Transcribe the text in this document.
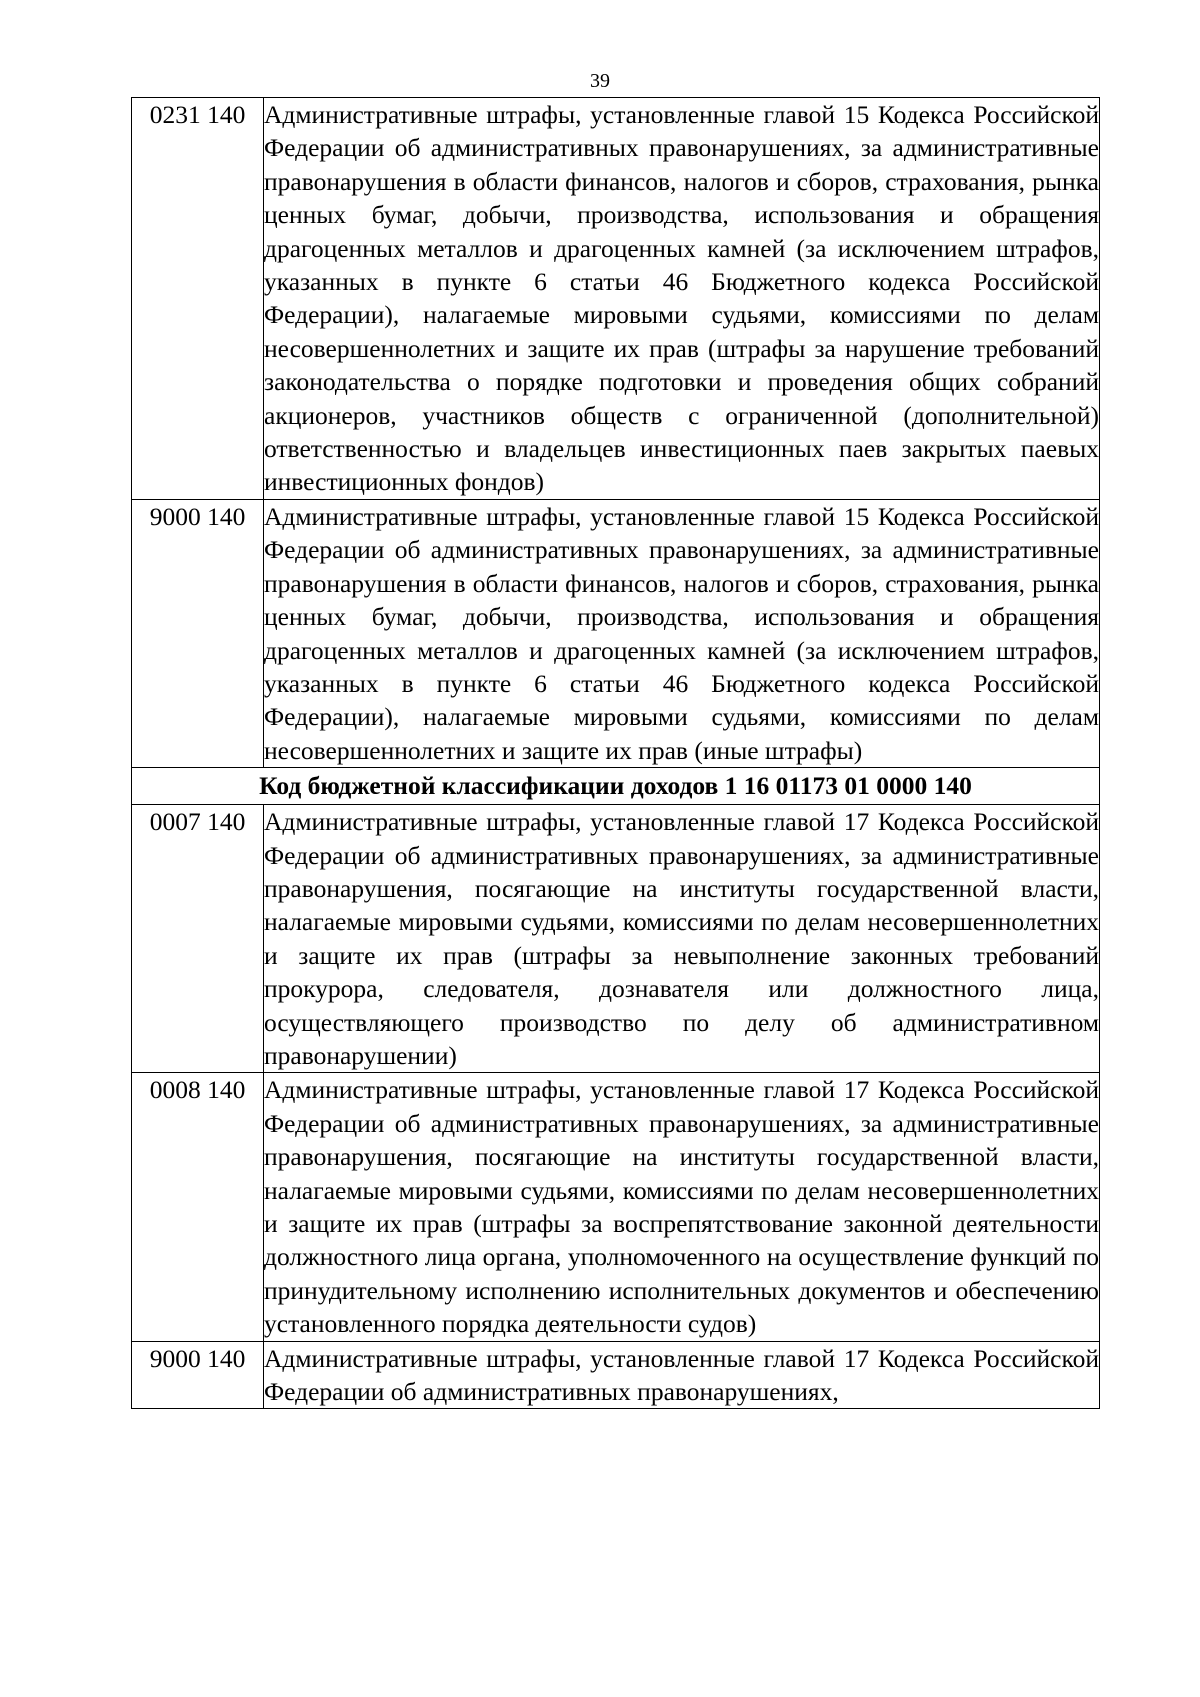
39
0231 140	Административные штрафы, установленные главой 15 Кодекса Российской Федерации об административных правонарушениях, за административные правонарушения в области финансов, налогов и сборов, страхования, рынка ценных бумаг, добычи, производства, использования и обращения драгоценных металлов и драгоценных камней (за исключением штрафов, указанных в пункте 6 статьи 46 Бюджетного кодекса Российской Федерации), налагаемые мировыми судьями, комиссиями по делам несовершеннолетних и защите их прав (штрафы за нарушение требований законодательства о порядке подготовки и проведения общих собраний акционеров, участников обществ с ограниченной (дополнительной) ответственностью и владельцев инвестиционных паев закрытых паевых инвестиционных фондов)
9000 140	Административные штрафы, установленные главой 15 Кодекса Российской Федерации об административных правонарушениях, за административные правонарушения в области финансов, налогов и сборов, страхования, рынка ценных бумаг, добычи, производства, использования и обращения драгоценных металлов и драгоценных камней (за исключением штрафов, указанных в пункте 6 статьи 46 Бюджетного кодекса Российской Федерации), налагаемые мировыми судьями, комиссиями по делам несовершеннолетних и защите их прав (иные штрафы)
Код бюджетной классификации доходов 1 16 01173 01 0000 140	
0007 140	Административные штрафы, установленные главой 17 Кодекса Российской Федерации об административных правонарушениях, за административные правонарушения, посягающие на институты государственной власти, налагаемые мировыми судьями, комиссиями по делам несовершеннолетних и защите их прав (штрафы за невыполнение законных требований прокурора, следователя, дознавателя или должностного лица, осуществляющего производство по делу об административном правонарушении)
0008 140	Административные штрафы, установленные главой 17 Кодекса Российской Федерации об административных правонарушениях, за административные правонарушения, посягающие на институты государственной власти, налагаемые мировыми судьями, комиссиями по делам несовершеннолетних и защите их прав (штрафы за воспрепятствование законной деятельности должностного лица органа, уполномоченного на осуществление функций по принудительному исполнению исполнительных документов и обеспечению установленного порядка деятельности судов)
9000 140	Административные штрафы, установленные главой 17 Кодекса Российской Федерации об административных правонарушениях,
